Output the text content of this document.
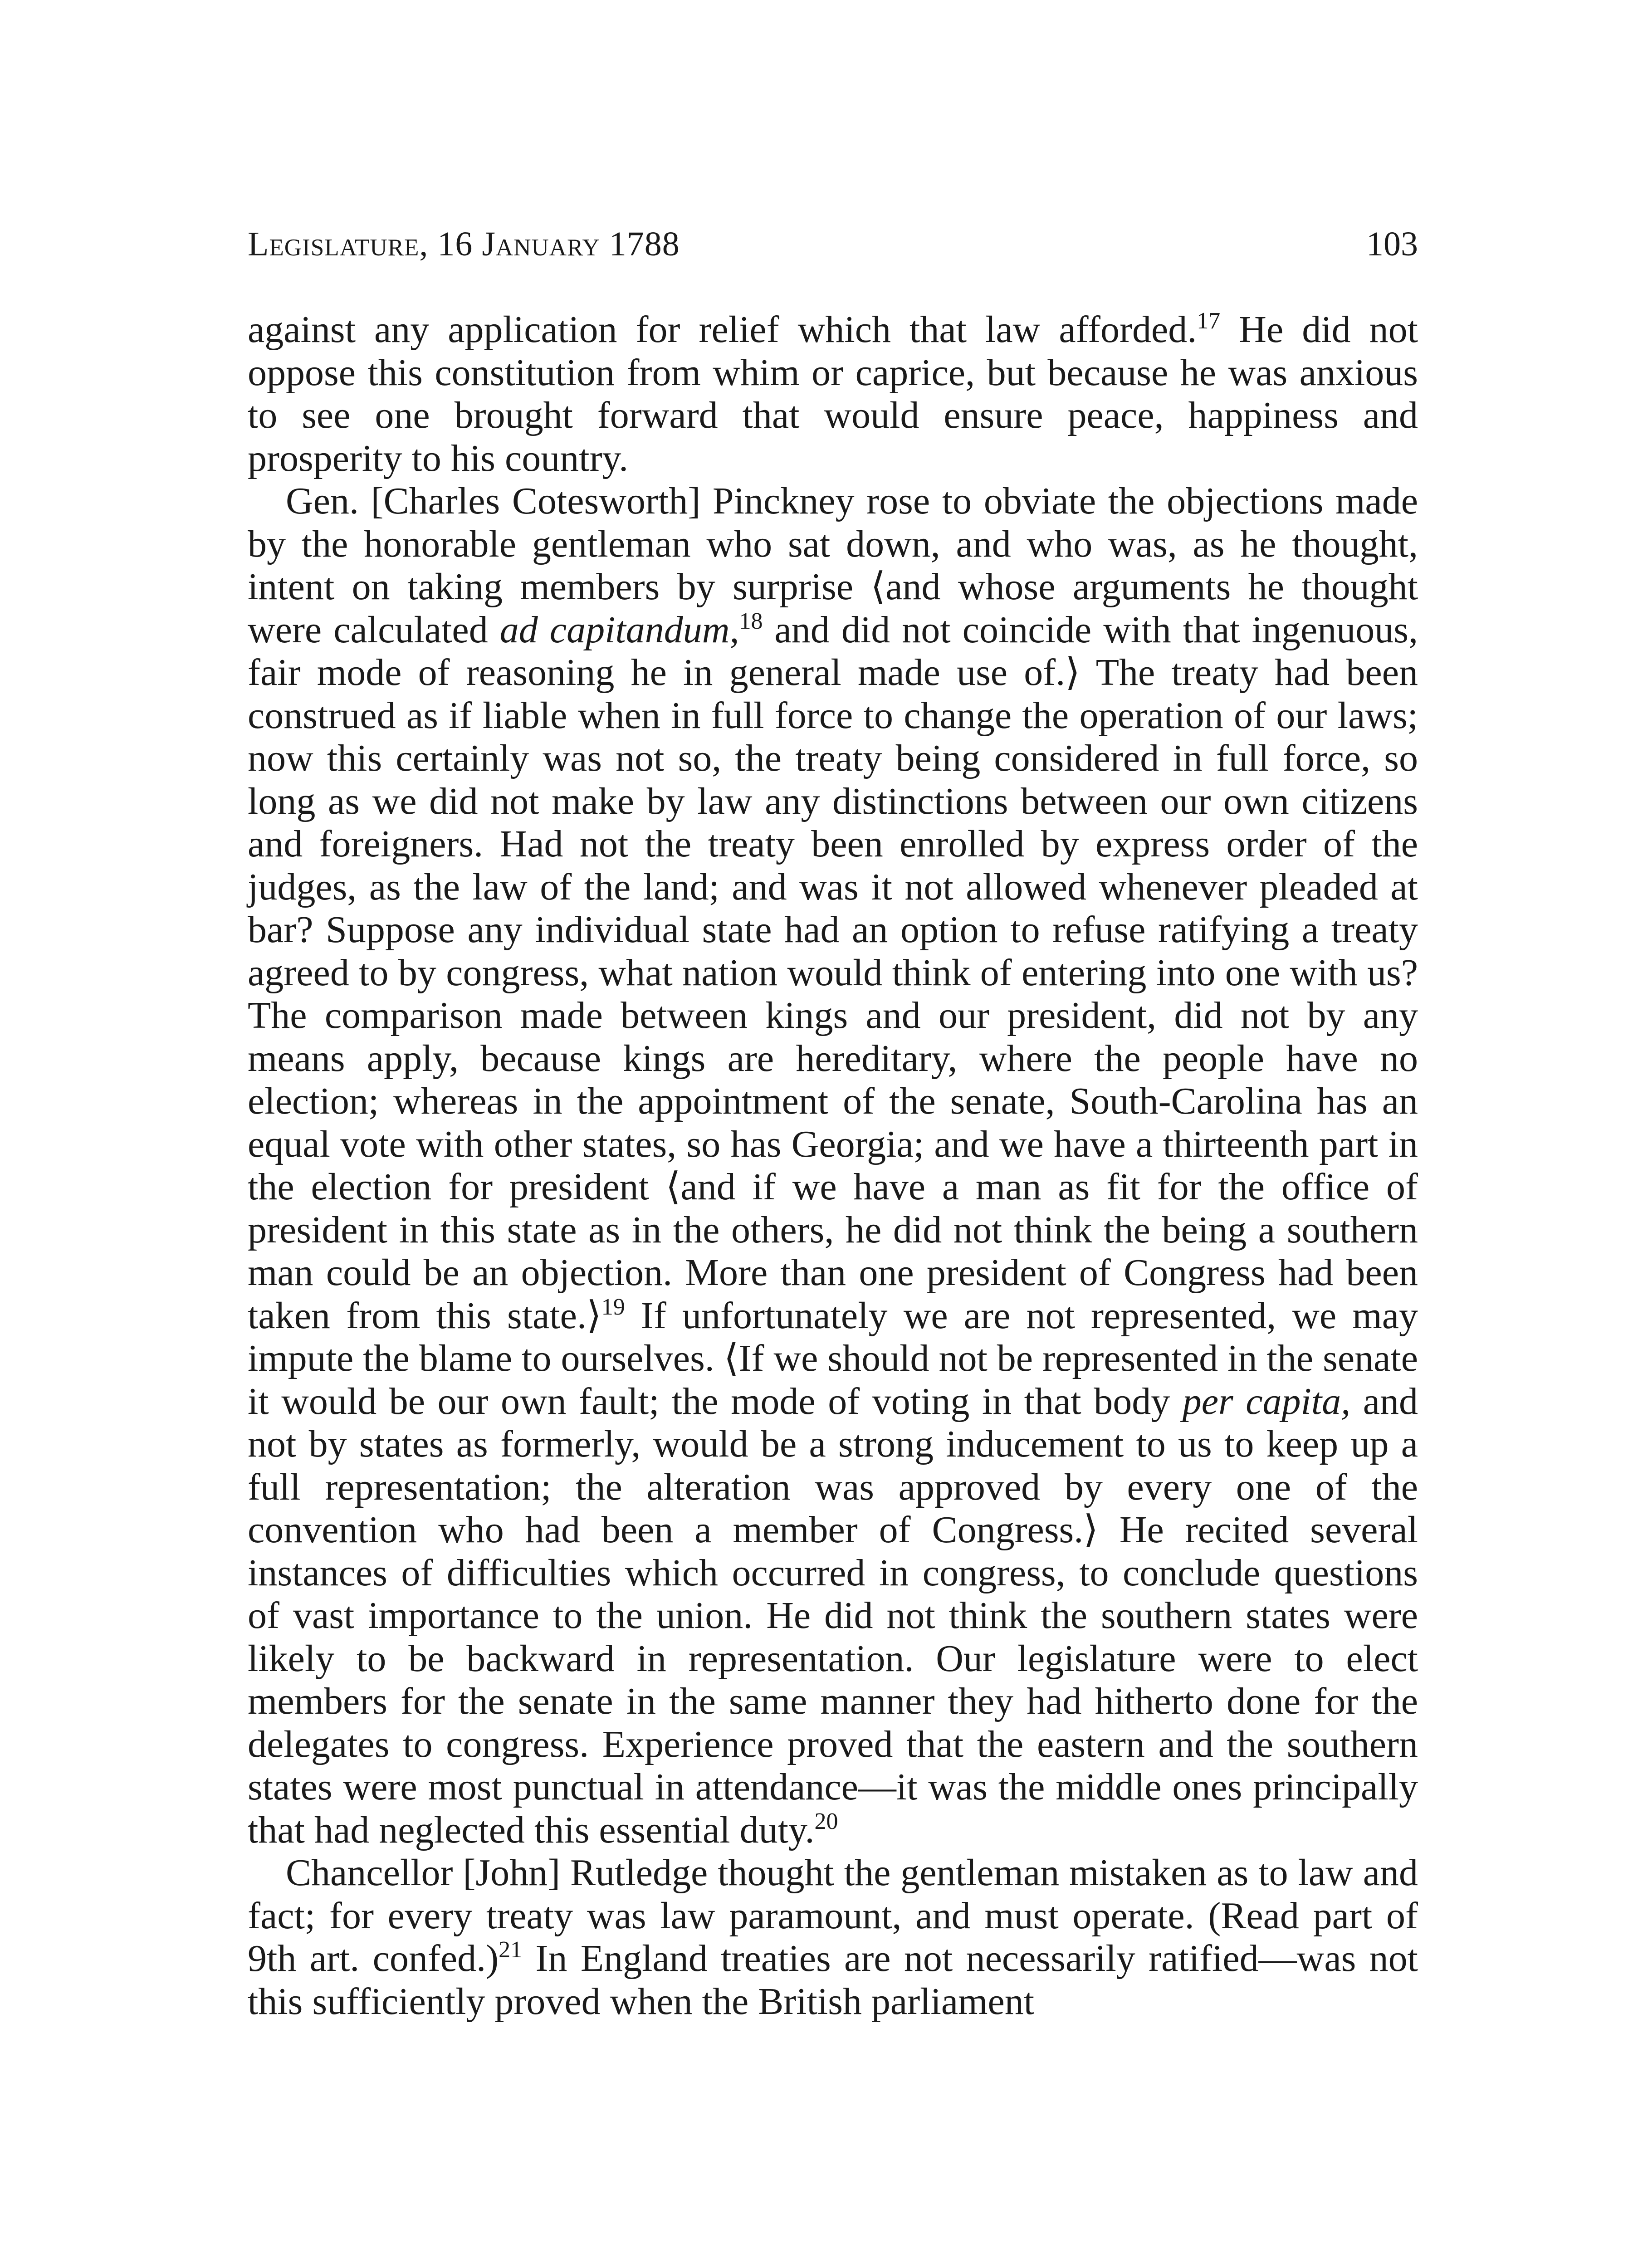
Legislature, 16 January 1788	103

against any application for relief which that law afforded.$^{17}$ He did not oppose this constitution from whim or caprice, but because he was anxious to see one brought forward that would ensure peace, happiness and prosperity to his country.

Gen. [Charles Cotesworth] Pinckney rose to obviate the objections made by the honorable gentleman who sat down, and who was, as he thought, intent on taking members by surprise ⟨and whose arguments he thought were calculated ad capitandum,$^{18}$ and did not coincide with that ingenuous, fair mode of reasoning he in general made use of.⟩ The treaty had been construed as if liable when in full force to change the operation of our laws; now this certainly was not so, the treaty being considered in full force, so long as we did not make by law any distinctions between our own citizens and foreigners. Had not the treaty been enrolled by express order of the judges, as the law of the land; and was it not allowed whenever pleaded at bar? Suppose any individual state had an option to refuse ratifying a treaty agreed to by congress, what nation would think of entering into one with us? The comparison made between kings and our president, did not by any means apply, because kings are hereditary, where the people have no election; whereas in the appointment of the senate, South-Carolina has an equal vote with other states, so has Georgia; and we have a thirteenth part in the election for president ⟨and if we have a man as fit for the office of president in this state as in the others, he did not think the being a southern man could be an objection. More than one president of Congress had been taken from this state.⟩$^{19}$ If unfortunately we are not represented, we may impute the blame to ourselves. ⟨If we should not be represented in the senate it would be our own fault; the mode of voting in that body per capita, and not by states as formerly, would be a strong inducement to us to keep up a full representation; the alteration was approved by every one of the convention who had been a member of Congress.⟩ He recited several instances of difficulties which occurred in congress, to conclude questions of vast importance to the union. He did not think the southern states were likely to be backward in representation. Our legislature were to elect members for the senate in the same manner they had hitherto done for the delegates to congress. Experience proved that the eastern and the southern states were most punctual in attendance—it was the middle ones principally that had neglected this essential duty.$^{20}$

Chancellor [John] Rutledge thought the gentleman mistaken as to law and fact; for every treaty was law paramount, and must operate. (Read part of 9th art. confed.)$^{21}$ In England treaties are not necessarily ratified—was not this sufficiently proved when the British parliament
